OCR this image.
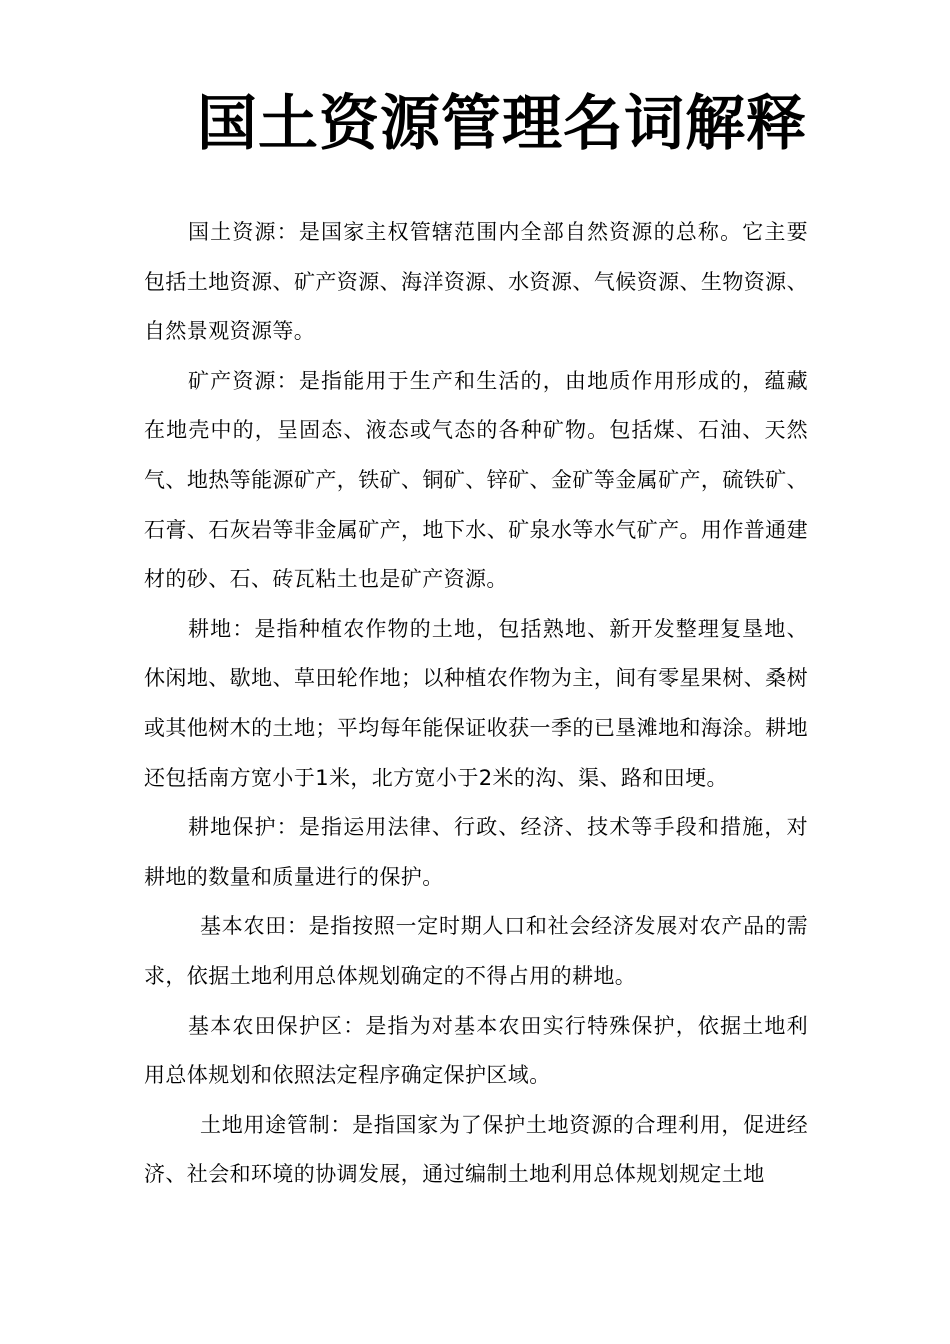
国土资源管理名词解释

国土资源：是国家主权管辖范围内全部自然资源的总称。它主要包括土地资源、矿产资源、海洋资源、水资源、气候资源、生物资源、自然景观资源等。

矿产资源：是指能用于生产和生活的，由地质作用形成的，蕴藏在地壳中的，呈固态、液态或气态的各种矿物。包括煤、石油、天然气、地热等能源矿产，铁矿、铜矿、锌矿、金矿等金属矿产，硫铁矿、石膏、石灰岩等非金属矿产，地下水、矿泉水等水气矿产。用作普通建材的砂、石、砖瓦粘土也是矿产资源。

耕地：是指种植农作物的土地，包括熟地、新开发整理复垦地、休闲地、歇地、草田轮作地；以种植农作物为主，间有零星果树、桑树或其他树木的土地；平均每年能保证收获一季的已垦滩地和海涂。耕地还包括南方宽小于1米，北方宽小于2米的沟、渠、路和田埂。

耕地保护：是指运用法律、行政、经济、技术等手段和措施，对耕地的数量和质量进行的保护。

基本农田：是指按照一定时期人口和社会经济发展对农产品的需求，依据土地利用总体规划确定的不得占用的耕地。

基本农田保护区：是指为对基本农田实行特殊保护，依据土地利用总体规划和依照法定程序确定保护区域。

土地用途管制：是指国家为了保护土地资源的合理利用，促进经济、社会和环境的协调发展，通过编制土地利用总体规划规定土地
